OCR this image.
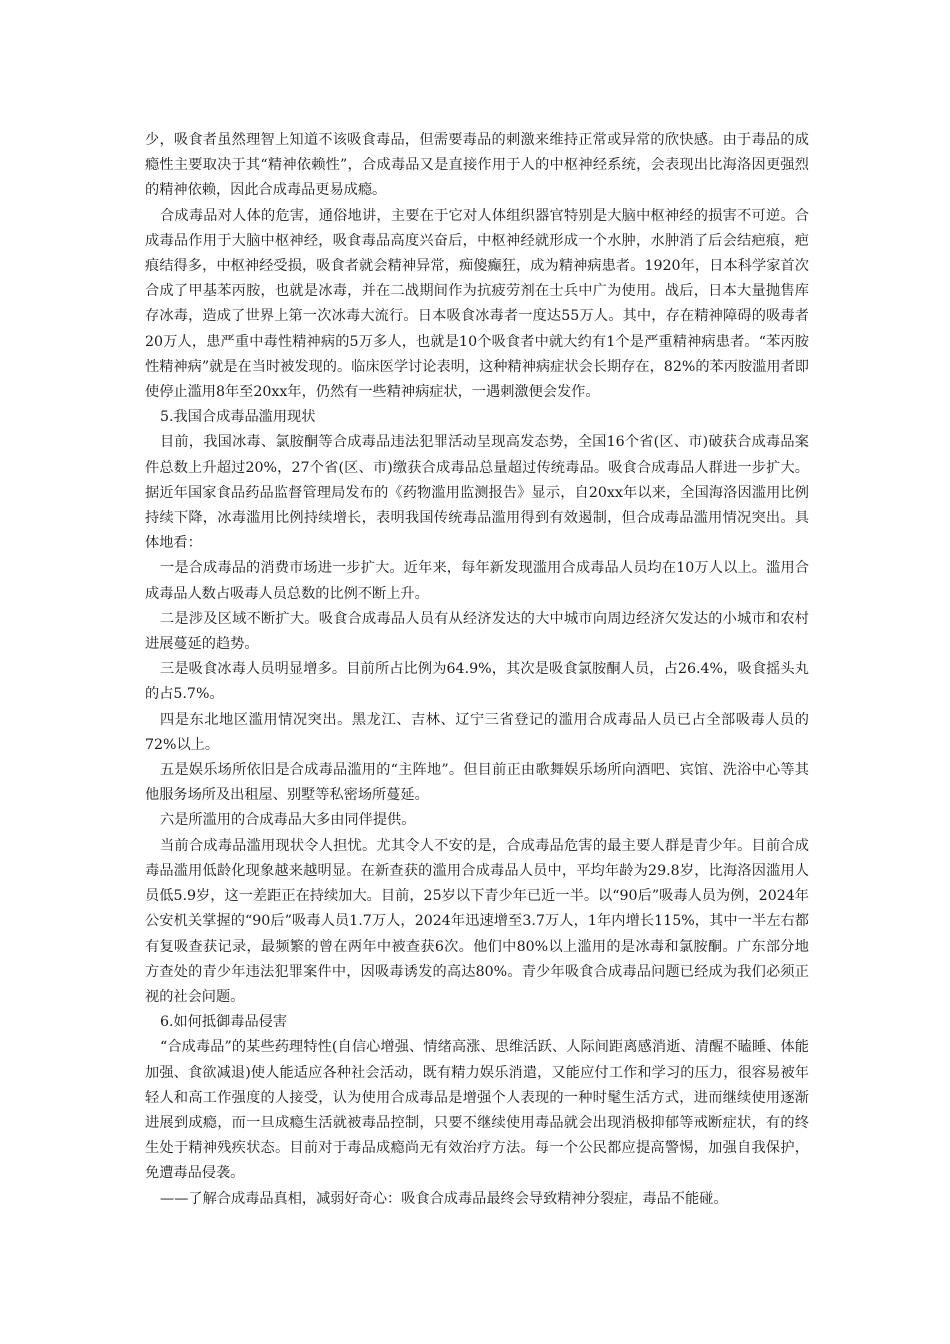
少，吸食者虽然理智上知道不该吸食毒品，但需要毒品的刺激来维持正常或异常的欣快感。由于毒品的成瘾性主要取决于其“精神依赖性”，合成毒品又是直接作用于人的中枢神经系统，会表现出比海洛因更强烈的精神依赖，因此合成毒品更易成瘾。

合成毒品对人体的危害，通俗地讲，主要在于它对人体组织器官特别是大脑中枢神经的损害不可逆。合成毒品作用于大脑中枢神经，吸食毒品高度兴奋后，中枢神经就形成一个水肿，水肿消了后会结疤痕，疤痕结得多，中枢神经受损，吸食者就会精神异常，痴傻癫狂，成为精神病患者。1920年，日本科学家首次合成了甲基苯丙胺，也就是冰毒，并在二战期间作为抗疲劳剂在士兵中广为使用。战后，日本大量抛售库存冰毒，造成了世界上第一次冰毒大流行。日本吸食冰毒者一度达55万人。其中，存在精神障碍的吸毒者20万人，患严重中毒性精神病的5万多人，也就是10个吸食者中就大约有1个是严重精神病患者。“苯丙胺性精神病”就是在当时被发现的。临床医学讨论表明，这种精神病症状会长期存在，82%的苯丙胺滥用者即使停止滥用8年至20xx年，仍然有一些精神病症状，一遇刺激便会发作。

5.我国合成毒品滥用现状

目前，我国冰毒、氯胺酮等合成毒品违法犯罪活动呈现高发态势，全国16个省(区、市)破获合成毒品案件总数上升超过20%，27个省(区、市)缴获合成毒品总量超过传统毒品。吸食合成毒品人群进一步扩大。据近年国家食品药品监督管理局发布的《药物滥用监测报告》显示，自20xx年以来，全国海洛因滥用比例持续下降，冰毒滥用比例持续增长，表明我国传统毒品滥用得到有效遏制，但合成毒品滥用情况突出。具体地看：

一是合成毒品的消费市场进一步扩大。近年来，每年新发现滥用合成毒品人员均在10万人以上。滥用合成毒品人数占吸毒人员总数的比例不断上升。

二是涉及区域不断扩大。吸食合成毒品人员有从经济发达的大中城市向周边经济欠发达的小城市和农村进展蔓延的趋势。

三是吸食冰毒人员明显增多。目前所占比例为64.9%，其次是吸食氯胺酮人员，占26.4%，吸食摇头丸的占5.7%。

四是东北地区滥用情况突出。黑龙江、吉林、辽宁三省登记的滥用合成毒品人员已占全部吸毒人员的72%以上。

五是娱乐场所依旧是合成毒品滥用的“主阵地”。但目前正由歌舞娱乐场所向酒吧、宾馆、洗浴中心等其他服务场所及出租屋、别墅等私密场所蔓延。

六是所滥用的合成毒品大多由同伴提供。

当前合成毒品滥用现状令人担忧。尤其令人不安的是，合成毒品危害的最主要人群是青少年。目前合成毒品滥用低龄化现象越来越明显。在新查获的滥用合成毒品人员中，平均年龄为29.8岁，比海洛因滥用人员低5.9岁，这一差距正在持续加大。目前，25岁以下青少年已近一半。以“90后”吸毒人员为例，2024年公安机关掌握的“90后”吸毒人员1.7万人，2024年迅速增至3.7万人，1年内增长115%，其中一半左右都有复吸查获记录，最频繁的曾在两年中被查获6次。他们中80%以上滥用的是冰毒和氯胺酮。广东部分地方查处的青少年违法犯罪案件中，因吸毒诱发的高达80%。青少年吸食合成毒品问题已经成为我们必须正视的社会问题。

6.如何抵御毒品侵害

“合成毒品”的某些药理特性(自信心增强、情绪高涨、思维活跃、人际间距离感消逝、清醒不瞌睡、体能加强、食欲减退)使人能适应各种社会活动，既有精力娱乐消遣，又能应付工作和学习的压力，很容易被年轻人和高工作强度的人接受，认为使用合成毒品是增强个人表现的一种时髦生活方式，进而继续使用逐渐进展到成瘾，而一旦成瘾生活就被毒品控制，只要不继续使用毒品就会出现消极抑郁等戒断症状，有的终生处于精神残疾状态。目前对于毒品成瘾尚无有效治疗方法。每一个公民都应提高警惕，加强自我保护，免遭毒品侵袭。

——了解合成毒品真相，减弱好奇心：吸食合成毒品最终会导致精神分裂症，毒品不能碰。
